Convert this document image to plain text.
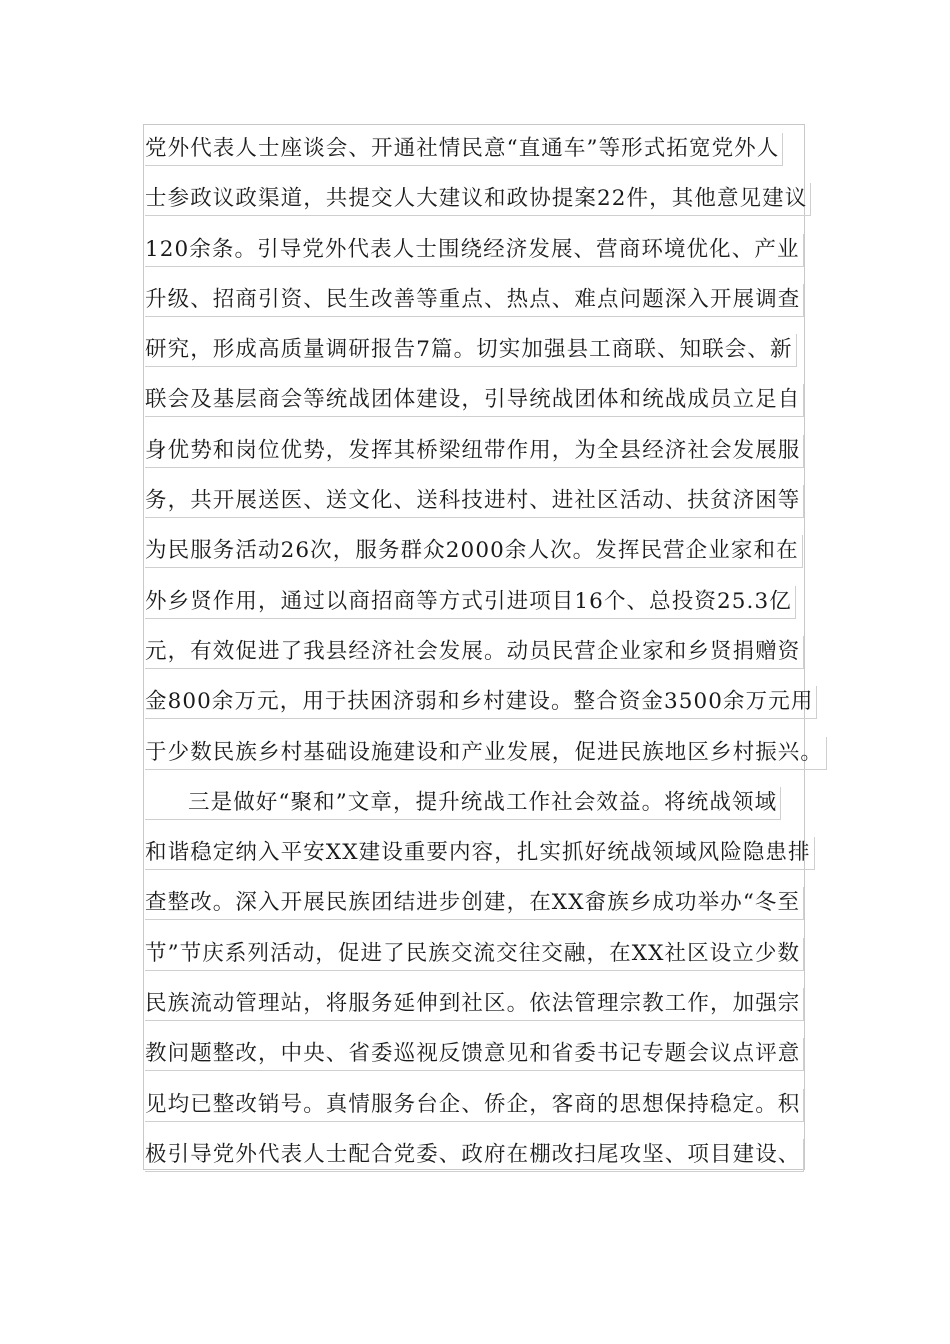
党外代表人士座谈会、开通社情民意“直通车”等形式拓宽党外人
士参政议政渠道，共提交人大建议和政协提案22件，其他意见建议
120余条。引导党外代表人士围绕经济发展、营商环境优化、产业
升级、招商引资、民生改善等重点、热点、难点问题深入开展调查
研究，形成高质量调研报告7篇。切实加强县工商联、知联会、新
联会及基层商会等统战团体建设，引导统战团体和统战成员立足自
身优势和岗位优势，发挥其桥梁纽带作用，为全县经济社会发展服
务，共开展送医、送文化、送科技进村、进社区活动、扶贫济困等
为民服务活动26次，服务群众2000余人次。发挥民营企业家和在
外乡贤作用，通过以商招商等方式引进项目16个、总投资25.3亿
元，有效促进了我县经济社会发展。动员民营企业家和乡贤捐赠资
金800余万元，用于扶困济弱和乡村建设。整合资金3500余万元用
于少数民族乡村基础设施建设和产业发展，促进民族地区乡村振兴。
三是做好“聚和”文章，提升统战工作社会效益。将统战领域
和谐稳定纳入平安XX建设重要内容，扎实抓好统战领域风险隐患排
查整改。深入开展民族团结进步创建，在XX畲族乡成功举办“冬至
节”节庆系列活动，促进了民族交流交往交融，在XX社区设立少数
民族流动管理站，将服务延伸到社区。依法管理宗教工作，加强宗
教问题整改，中央、省委巡视反馈意见和省委书记专题会议点评意
见均已整改销号。真情服务台企、侨企，客商的思想保持稳定。积
极引导党外代表人士配合党委、政府在棚改扫尾攻坚、项目建设、
